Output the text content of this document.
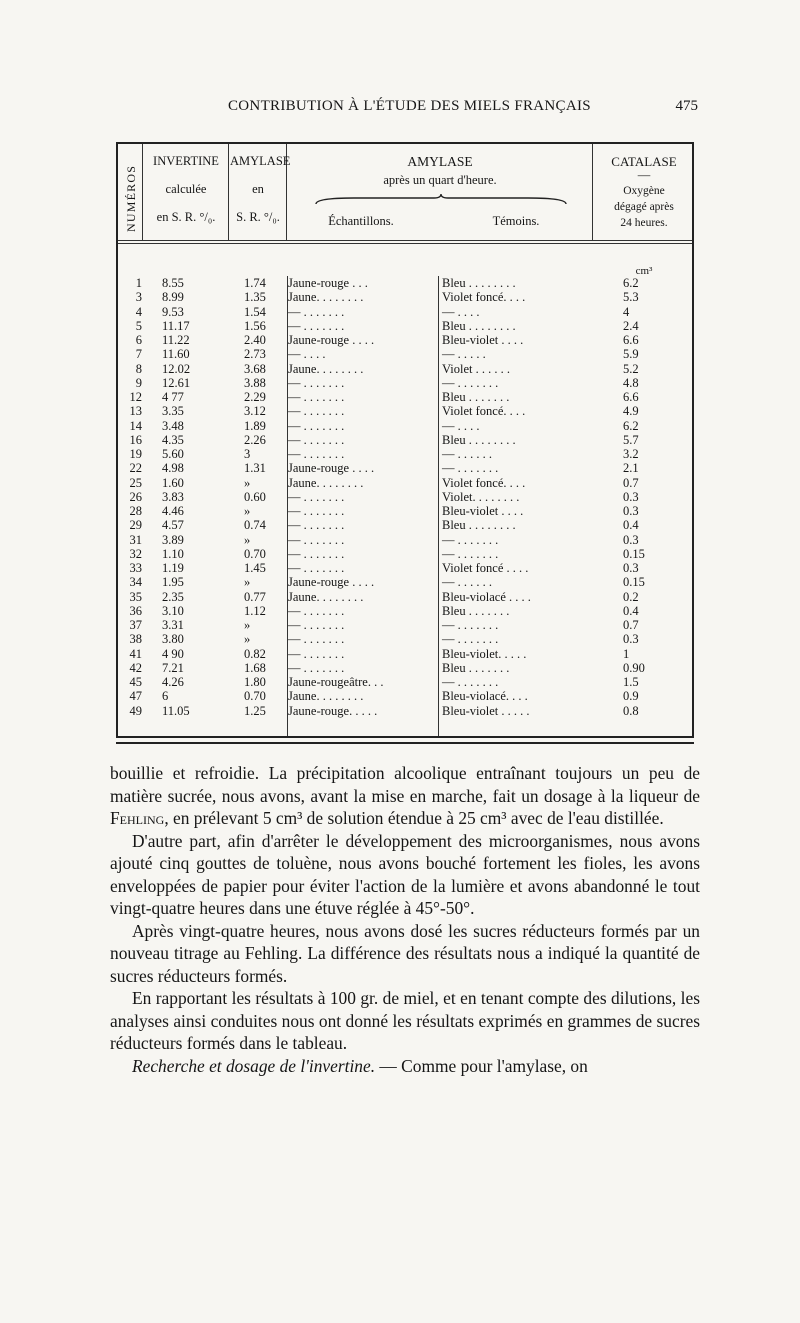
CONTRIBUTION À L'ÉTUDE DES MIELS FRANÇAIS	475
NUMÉROS
INVERTINE
calculée
en S. R. °/₀.
AMYLASE
en
S. R. °/₀.
AMYLASE
après un quart d'heure.
Échantillons.	Témoins.
CATALASE
—
Oxygène
dégagé après
24 heures.
cm³
1 8.55	1.74	Jaune-rouge . . .	Bleu . . . . . . . .	6.2
3 8.99	1.35	Jaune. . . . . . . .	Violet foncé. . . .	5.3
4 9.53	1.54	— . . . . . . .	— . . . .	4
5 11.17	1.56	— . . . . . . .	Bleu . . . . . . . .	2.4
6 11.22	2.40	Jaune-rouge . . . .	Bleu-violet . . . .	6.6
7 11.60	2.73	— . . . .	— . . . . .	5.9
8 12.02	3.68	Jaune. . . . . . . .	Violet . . . . . .	5.2
9 12.61	3.88	— . . . . . . .	— . . . . . . .	4.8
12 4 77	2.29	— . . . . . . .	Bleu . . . . . . .	6.6
13 3.35	3.12	— . . . . . . .	Violet foncé. . . .	4.9
14 3.48	1.89	— . . . . . . .	— . . . .	6.2
16 4.35	2.26	— . . . . . . .	Bleu . . . . . . . .	5.7
19 5.60	3	— . . . . . . .	— . . . . . .	3.2
22 4.98	1.31	Jaune-rouge . . . .	— . . . . . . .	2.1
25 1.60	»	Jaune. . . . . . . .	Violet foncé. . . .	0.7
26 3.83	0.60	— . . . . . . .	Violet. . . . . . . .	0.3
28 4.46	»	— . . . . . . .	Bleu-violet . . . .	0.3
29 4.57	0.74	— . . . . . . .	Bleu . . . . . . . .	0.4
31 3.89	»	— . . . . . . .	— . . . . . . .	0.3
32 1.10	0.70	— . . . . . . .	— . . . . . . .	0.15
33 1.19	1.45	— . . . . . . .	Violet foncé . . . .	0.3
34 1.95	»	Jaune-rouge . . . .	— . . . . . .	0.15
35 2.35	0.77	Jaune. . . . . . . .	Bleu-violacé . . . .	0.2
36 3.10	1.12	— . . . . . . .	Bleu . . . . . . .	0.4
37 3.31	»	— . . . . . . .	— . . . . . . .	0.7
38 3.80	»	— . . . . . . .	— . . . . . . .	0.3
41 4 90	0.82	— . . . . . . .	Bleu-violet. . . . .	1
42 7.21	1.68	— . . . . . . .	Bleu . . . . . . .	0.90
45 4.26	1.80	Jaune-rougeâtre. . .	— . . . . . . .	1.5
47 6	0.70	Jaune. . . . . . . .	Bleu-violacé. . . .	0.9
49 11.05	1.25	Jaune-rouge. . . . .	Bleu-violet . . . . .	0.8

bouillie et refroidie. La précipitation alcoolique entraînant toujours un peu de matière sucrée, nous avons, avant la mise en marche, fait un dosage à la liqueur de Fehling, en prélevant 5 cm³ de solution étendue à 25 cm³ avec de l'eau distillée.

D'autre part, afin d'arrêter le développement des microorganismes, nous avons ajouté cinq gouttes de toluène, nous avons bouché fortement les fioles, les avons enveloppées de papier pour éviter l'action de la lumière et avons abandonné le tout vingt-quatre heures dans une étuve réglée à 45°-50°.

Après vingt-quatre heures, nous avons dosé les sucres réducteurs formés par un nouveau titrage au Fehling. La différence des résultats nous a indiqué la quantité de sucres réducteurs formés.

En rapportant les résultats à 100 gr. de miel, et en tenant compte des dilutions, les analyses ainsi conduites nous ont donné les résultats exprimés en grammes de sucres réducteurs formés dans le tableau.

Recherche et dosage de l'invertine. — Comme pour l'amylase, on
